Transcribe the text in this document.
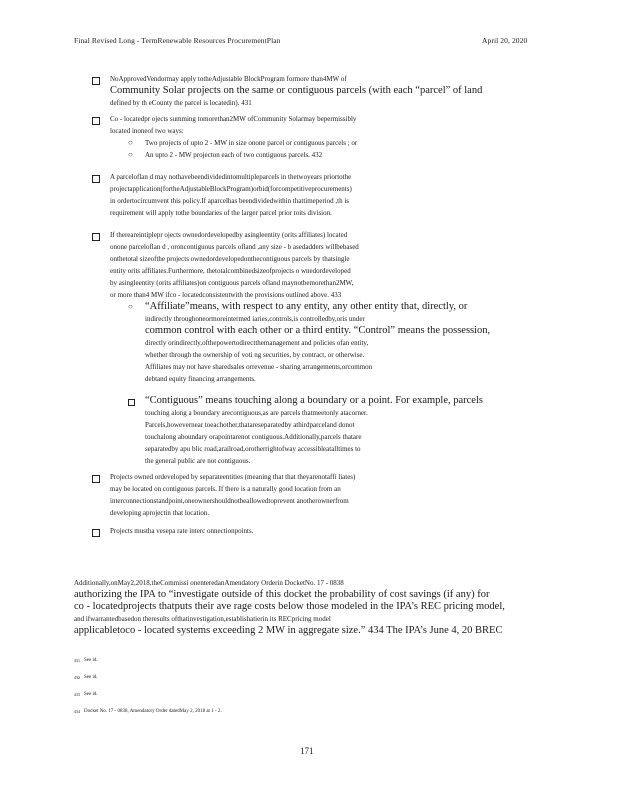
Final Revised Long - TermRenewable Resources ProcurementPlan	April 20, 2020
NoApprovedVendormay apply totheAdjustable BlockProgram formore than4MW of
Community Solar projects on the same or contiguous parcels (with each “parcel” of land
defined by th eCounty the parcel is locatedin). 431
Co - locatedpr ojects summing tomorethan2MW ofCommunity Solarmay bepermissibly
located inoneof two ways:
○ Two projects of upto 2 - MW in size onone parcel or contiguous parcels ; or
○ An upto 2 - MW projecton each of two contiguous parcels. 432
A parceloflan d may nothavebeendividedintomultipleparcels in thetwoyears priortothe
projectapplication(fortheAdjustableBlockProgram)orbid(forcompetitiveprocurements)
in ordertocircumvent this policy.If aparcelhas beendividedwithin thattimeperiod ,th is
requirement will apply tothe boundaries of the larger parcel prior toits division.
If thereareintiplepr ojects ownedordevelopedby asingleentity (orits affiliates) located
onone parceloflan d , oroncontiguous parcels ofland ,any size - b asedadders willbebased
onthetotal sizeofthe projects ownedordevelopedonthecontiguous parcels by thatsingle
entity orits affiliates.Furthermore, thetotalcombinedsizeofprojects o wnedordeveloped
by asingleentity (orits affiliates)on contiguous parcels ofland maynotbemorethan2MW,
or more than4 MW ifco - locatedconsistentwith the provisions outlined above. 433
○ “Affiliate”means, with respect to any entity, any other entity that, directly, or
indirectly throughoneormoreintermed iaries,controls,is controlledby,oris under
common control with each other or a third entity. “Control” means the possession,
directly orindirectly,ofthepowertodirectthemanagement and policies ofan entity,
whether through the ownership of voti ng securities, by contract, or otherwise.
Affiliates may not have sharedsales orrevenue - sharing arrangements,orcommon
debtand equity financing arrangements.
“Contiguous” means touching along a boundary or a point. For example, parcels
touching along a boundary arecontiguous,as are parcels thatmeetonly atacorner.
Parcels,howevernear toeachother,thatareseparatedby athirdparceland donot
touchalong aboundary orapointarenot contiguous.Additionally,parcels thatare
separatedby apu blic road,arailroad,orotherrightofway accessibleatalltimes to
the general public are not contiguous.
Projects owned ordeveloped by separateentities (meaning that that theyarenotaffi liates)
may be located on contiguous parcels. If there is a naturally good location from an
interconnectionstandpoint,oneownershouldnotbeallowedtoprevent anotherownerfrom
developing aprojectin that location.
Projects mustha vesepa rate interc onnectionpoints.
Additionally,onMay2,2018,theCommissi onenteredanAmendatory Orderin DocketNo. 17 - 0838
authorizing the IPA to “investigate outside of this docket the probability of cost savings (if any) for
co - locatedprojects thatputs their ave rage costs below those modeled in the IPA’s REC pricing model,
and ifwarrantedbasedon theresults ofthatinvestigation,establishatierin its RECpricing model
applicabletoco - located systems exceeding 2 MW in aggregate size.” 434 The IPA’s June 4, 20 BREC
$^{431}$ See id.
$^{432}$ See id.
$^{433}$ See id.
$^{434}$ Docket No. 17 - 0838, Amendatory Order datedMay 2, 2018 at 1 - 2.
171
